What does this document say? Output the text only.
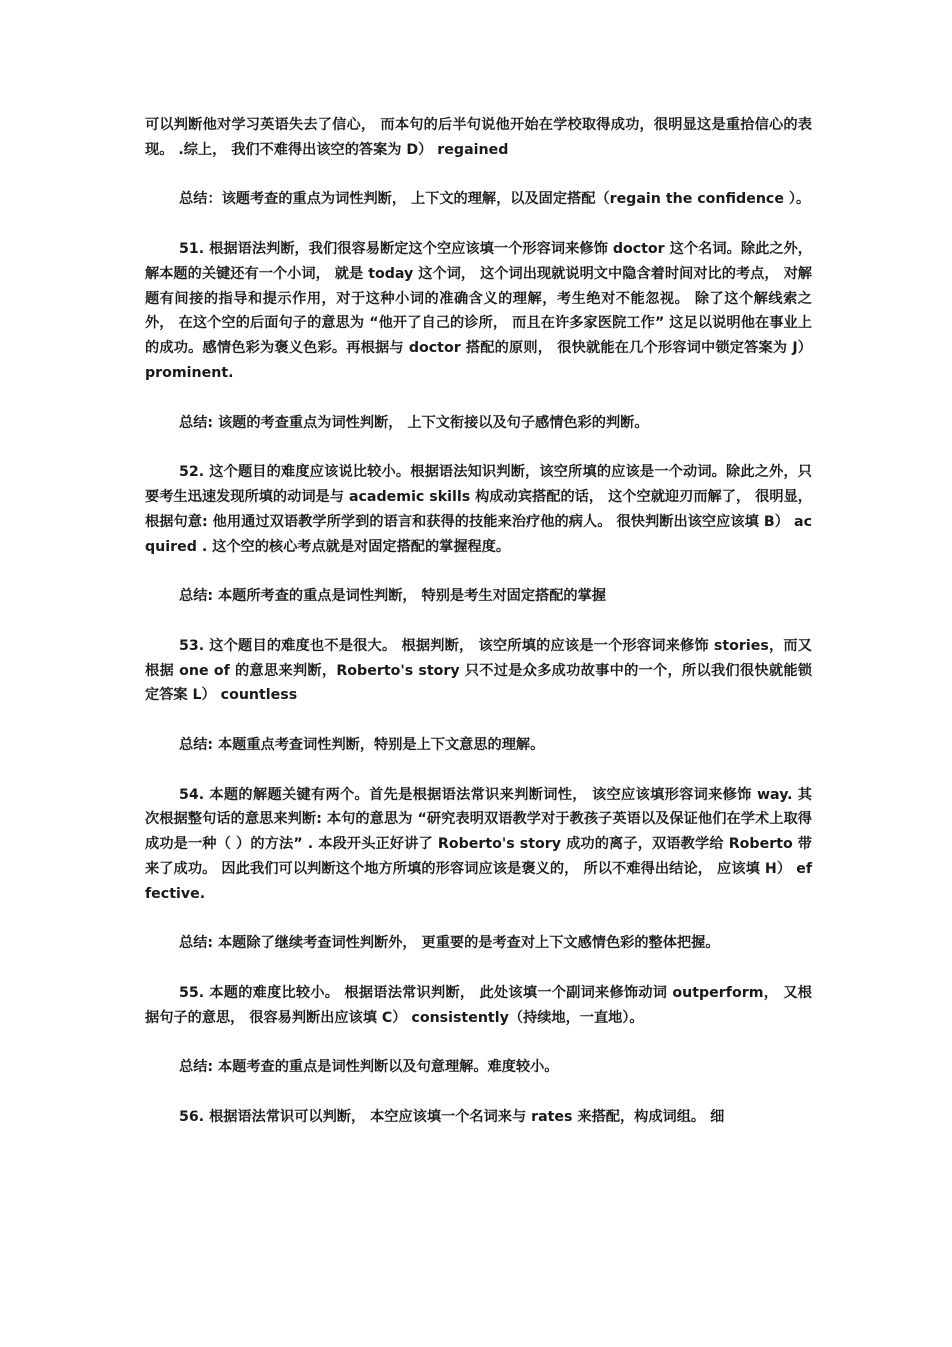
可以判断他对学习英语失去了信心， 而本句的后半句说他开始在学校取得成功，很明显这是重拾信心的表现。 .综上， 我们不难得出该空的答案为 D） regained

总结：该题考查的重点为词性判断， 上下文的理解，以及固定搭配（regain the confidence ）。

51. 根据语法判断，我们很容易断定这个空应该填一个形容词来修饰 doctor 这个名词。除此之外，解本题的关键还有一个小词， 就是 today 这个词， 这个词出现就说明文中隐含着时间对比的考点， 对解题有间接的指导和提示作用，对于这种小词的准确含义的理解，考生绝对不能忽视。 除了这个解线索之外， 在这个空的后面句子的意思为 “他开了自己的诊所， 而且在许多家医院工作” 这足以说明他在事业上的成功。感情色彩为褒义色彩。再根据与 doctor 搭配的原则， 很快就能在几个形容词中锁定答案为 J） prominent.

总结: 该题的考查重点为词性判断， 上下文衔接以及句子感情色彩的判断。

52. 这个题目的难度应该说比较小。根据语法知识判断，该空所填的应该是一个动词。除此之外，只要考生迅速发现所填的动词是与 academic skills 构成动宾搭配的话， 这个空就迎刃而解了， 很明显，根据句意: 他用通过双语教学所学到的语言和获得的技能来治疗他的病人。 很快判断出该空应该填 B） acquired . 这个空的核心考点就是对固定搭配的掌握程度。

总结: 本题所考查的重点是词性判断， 特别是考生对固定搭配的掌握

53. 这个题目的难度也不是很大。 根据判断， 该空所填的应该是一个形容词来修饰 stories，而又根据 one of 的意思来判断，Roberto's story 只不过是众多成功故事中的一个，所以我们很快就能锁定答案 L） countless

总结: 本题重点考查词性判断，特别是上下文意思的理解。

54. 本题的解题关键有两个。首先是根据语法常识来判断词性， 该空应该填形容词来修饰 way. 其次根据整句话的意思来判断: 本句的意思为 “研究表明双语教学对于教孩子英语以及保证他们在学术上取得成功是一种（ ）的方法” . 本段开头正好讲了 Roberto's story 成功的离子，双语教学给 Roberto 带来了成功。 因此我们可以判断这个地方所填的形容词应该是褒义的， 所以不难得出结论， 应该填 H） effective.

总结: 本题除了继续考查词性判断外， 更重要的是考查对上下文感情色彩的整体把握。

55. 本题的难度比较小。 根据语法常识判断， 此处该填一个副词来修饰动词 outperform， 又根据句子的意思， 很容易判断出应该填 C） consistently（持续地，一直地）。

总结: 本题考查的重点是词性判断以及句意理解。难度较小。

56. 根据语法常识可以判断， 本空应该填一个名词来与 rates 来搭配，构成词组。 细
